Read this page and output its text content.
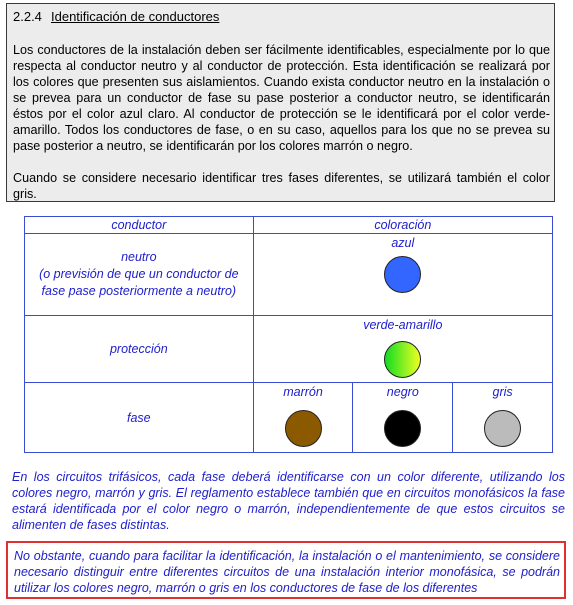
2.2.4 Identificación de conductores

Los conductores de la instalación deben ser fácilmente identificables, especialmente por lo que respecta al conductor neutro y al conductor de protección. Esta identificación se realizará por los colores que presenten sus aislamientos. Cuando exista conductor neutro en la instalación o se prevea para un conductor de fase su pase posterior a conductor neutro, se identificarán éstos por el color azul claro. Al conductor de protección se le identificará por el color verde-amarillo. Todos los conductores de fase, o en su caso, aquellos para los que no se prevea su pase posterior a neutro, se identificarán por los colores marrón o negro.

Cuando se considere necesario identificar tres fases diferentes, se utilizará también el color gris.

conductor	coloración		
neutro
(o previsión de que un conductor de
fase pase posteriormente a neutro)	azul		

protección	verde-amarillo		

fase	marrón	negro	gris

En los circuitos trifásicos, cada fase deberá identificarse con un color diferente, utilizando los colores negro, marrón y gris. El reglamento establece también que en circuitos monofásicos la fase estará identificada por el color negro o marrón, independientemente de que estos circuitos se alimenten de fases distintas.

No obstante, cuando para facilitar la identificación, la instalación o el mantenimiento, se considere necesario distinguir entre diferentes circuitos de una instalación interior monofásica, se podrán utilizar los colores negro, marrón o gris en los conductores de fase de los diferentes
